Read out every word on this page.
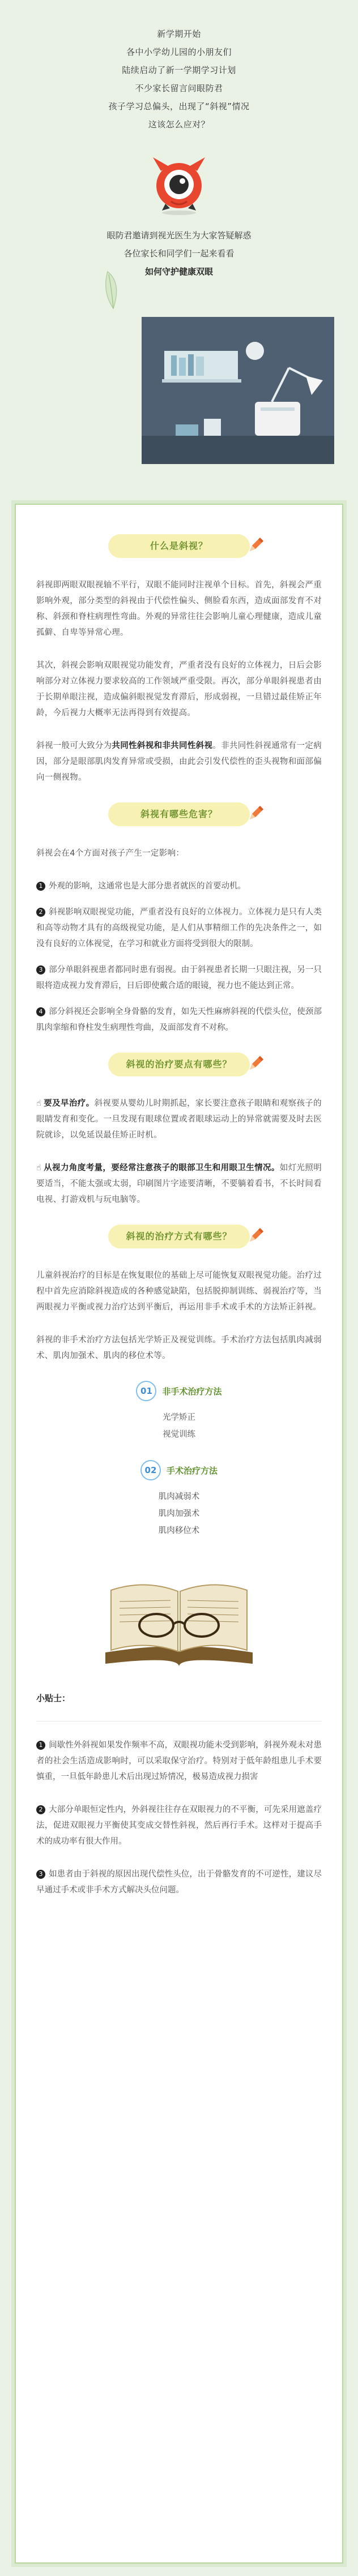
新学期开始

各中小学幼儿园的小朋友们

陆续启动了新一学期学习计划

不少家长留言问眼防君

孩子学习总偏头，出现了“斜视”情况

这该怎么应对？

眼防君邀请到视光医生为大家答疑解惑

各位家长和同学们一起来看看

如何守护健康双眼

什么是斜视？

斜视即两眼双眼视轴不平行，双眼不能同时注视单个目标。首先，斜视会严重影响外观，部分类型的斜视由于代偿性偏头、侧脸看东西，造成面部发育不对称、斜颈和脊柱病理性弯曲。外观的异常往往会影响儿童心理健康，造成儿童孤僻、自卑等异常心理。

其次，斜视会影响双眼视觉功能发育，严重者没有良好的立体视力，日后会影响部分对立体视力要求较高的工作领域严重受限。再次，部分单眼斜视患者由于长期单眼注视，造成偏斜眼视觉发育滞后，形成弱视，一旦错过最佳矫正年龄，今后视力大概率无法再得到有效提高。

斜视一般可大致分为共同性斜视和非共同性斜视。非共同性斜视通常有一定病因，部分是眼部肌肉发育异常或受损，由此会引发代偿性的歪头视物和面部偏向一侧视物。

斜视有哪些危害？

斜视会在4个方面对孩子产生一定影响：

1 外观的影响，这通常也是大部分患者就医的首要动机。

2 斜视影响双眼视觉功能，严重者没有良好的立体视力。立体视力是只有人类和高等动物才具有的高级视觉功能，是人们从事精细工作的先决条件之一，如没有良好的立体视觉，在学习和就业方面将受到很大的限制。

3 部分单眼斜视患者都同时患有弱视。由于斜视患者长期一只眼注视，另一只眼将造成视力发育滞后，日后即使戴合适的眼镜，视力也不能达到正常。

4 部分斜视还会影响全身骨骼的发育，如先天性麻痹斜视的代偿头位，使颈部肌肉挛缩和脊柱发生病理性弯曲，及面部发育不对称。

斜视的治疗要点有哪些？

☝ 要及早治疗。斜视要从婴幼儿时期抓起，家长要注意孩子眼睛和观察孩子的眼睛发育和变化。一旦发现有眼球位置或者眼球运动上的异常就需要及时去医院就诊，以免延误最佳矫正时机。

☝ 从视力角度考量，要经常注意孩子的眼部卫生和用眼卫生情况。如灯光照明要适当，不能太强或太弱，印刷图片字迹要清晰，不要躺着看书，不长时间看电视、打游戏机与玩电脑等。

斜视的治疗方式有哪些？

儿童斜视治疗的目标是在恢复眼位的基础上尽可能恢复双眼视觉功能。治疗过程中首先应消除斜视造成的各种感觉缺陷，包括脱抑制训练、弱视治疗等，当两眼视力平衡或视力治疗达到平衡后，再运用非手术或手术的方法矫正斜视。

斜视的非手术治疗方法包括光学矫正及视觉训练。手术治疗方法包括肌肉减弱术、肌肉加强术、肌肉的移位术等。

01	非手术治疗方法

光学矫正

视觉训练

02	手术治疗方法

肌肉减弱术

肌肉加强术

肌肉移位术

小贴士：

1 间歇性外斜视如果发作频率不高，双眼视功能未受到影响，斜视外观未对患者的社会生活造成影响时，可以采取保守治疗。特别对于低年龄组患儿手术要慎重，一旦低年龄患儿术后出现过矫情况，极易造成视力损害

2 大部分单眼恒定性内，外斜视往往存在双眼视力的不平衡，可先采用遮盖疗法，促进双眼视力平衡使其变成交替性斜视，然后再行手术。这样对于提高手术的成功率有很大作用。

3 如患者由于斜视的原因出现代偿性头位，出于骨骼发育的不可逆性，建议尽早通过手术或非手术方式解决头位问题。
